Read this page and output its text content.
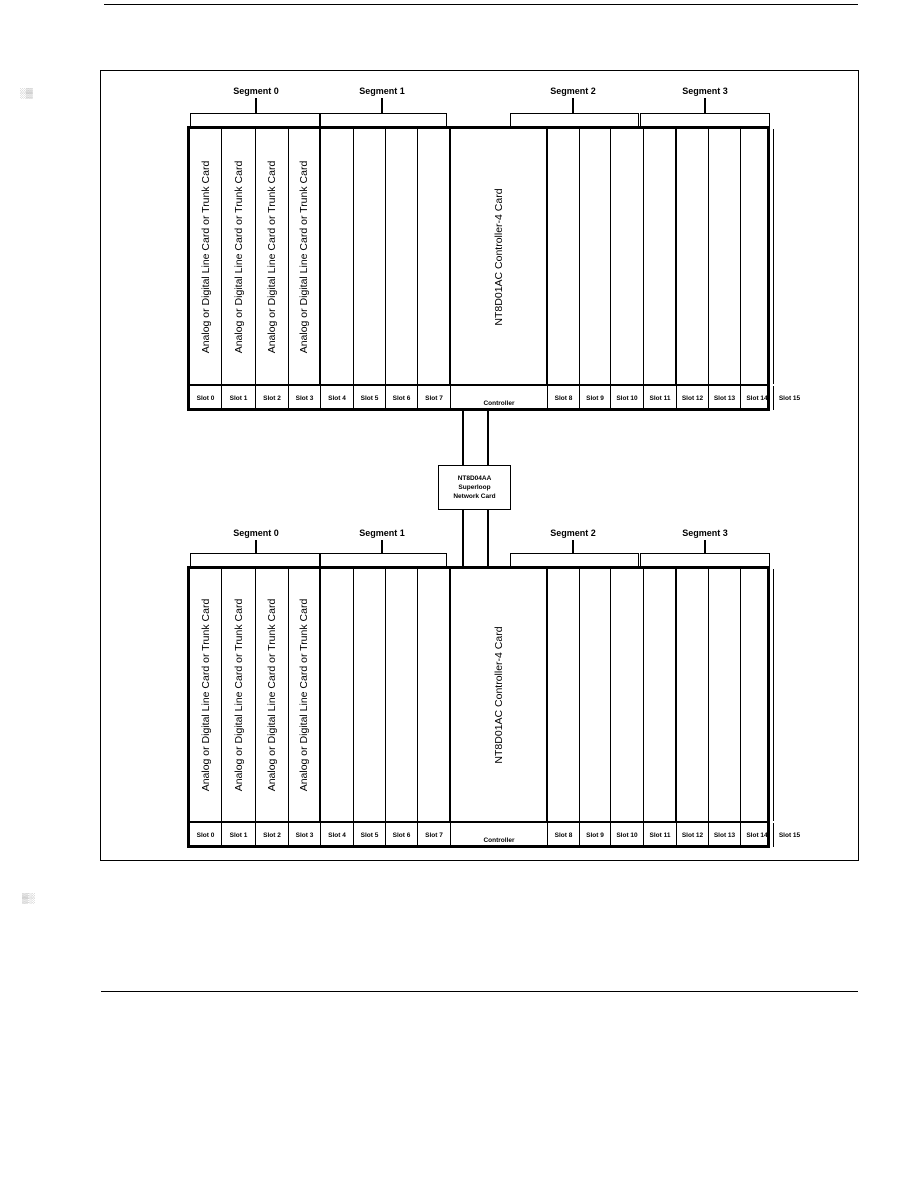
░▒
▒░
Segment 0	Segment 1	Segment 2	Segment 3
Analog or Digital Line Card or Trunk Card Analog or Digital Line Card or Trunk Card Analog or Digital Line Card or Trunk Card Analog or Digital Line Card or Trunk Card	NT8D01AC Controller-4 Card
Slot 0	Slot 1	Slot 2	Slot 3	Slot 4	Slot 5	Slot 6	Slot 7
Controller
Slot 8	Slot 9	Slot 10	Slot 11	Slot 12	Slot 13	Slot 14	Slot 15
Segment 0	Segment 1	Segment 2	Segment 3
Analog or Digital Line Card or Trunk Card Analog or Digital Line Card or Trunk Card Analog or Digital Line Card or Trunk Card Analog or Digital Line Card or Trunk Card	NT8D01AC Controller-4 Card
Slot 0	Slot 1	Slot 2	Slot 3	Slot 4	Slot 5	Slot 6	Slot 7
Controller
Slot 8	Slot 9	Slot 10	Slot 11	Slot 12	Slot 13	Slot 14	Slot 15
NT8D04AA
Superloop
Network Card
